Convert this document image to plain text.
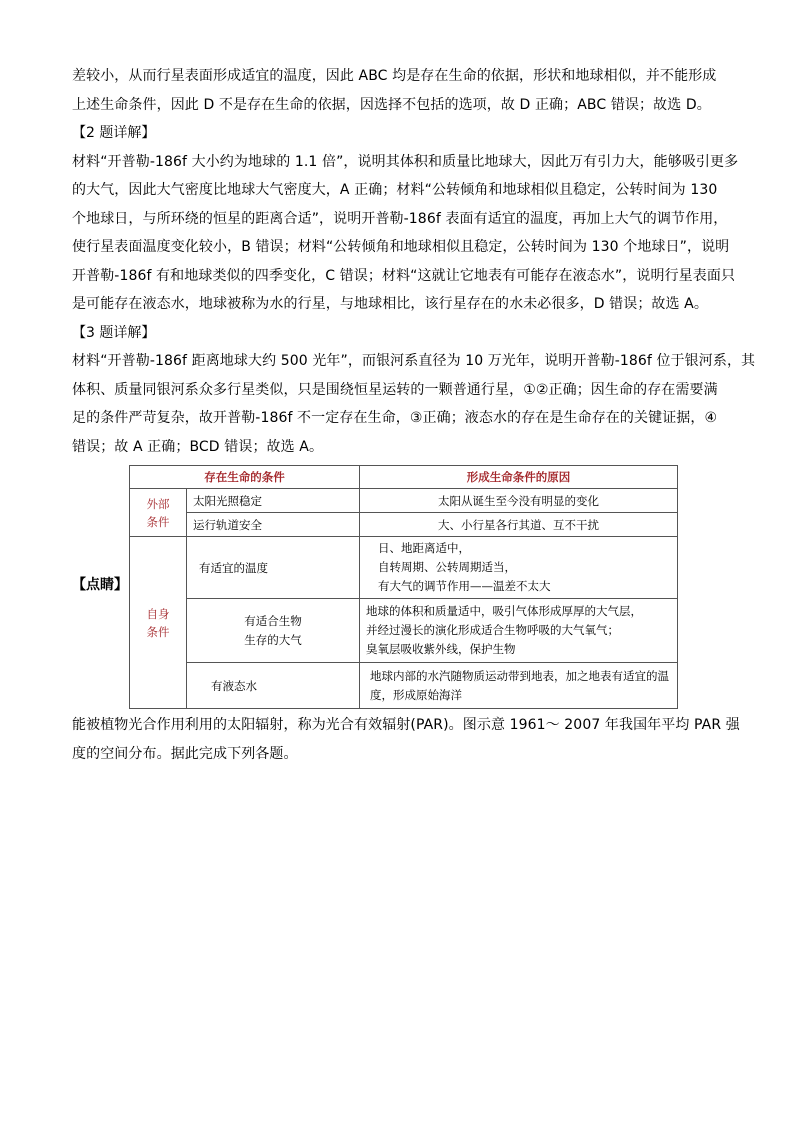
差较小，从而行星表面形成适宜的温度，因此 ABC 均是存在生命的依据，形状和地球相似，并不能形成
上述生命条件，因此 D 不是存在生命的依据，因选择不包括的选项，故 D 正确；ABC 错误；故选 D。
【2 题详解】
材料“开普勒-186f 大小约为地球的 1.1 倍”，说明其体积和质量比地球大，因此万有引力大，能够吸引更多
的大气，因此大气密度比地球大气密度大，A 正确；材料“公转倾角和地球相似且稳定，公转时间为 130
个地球日，与所环绕的恒星的距离合适”，说明开普勒-186f 表面有适宜的温度，再加上大气的调节作用，
使行星表面温度变化较小，B 错误；材料“公转倾角和地球相似且稳定，公转时间为 130 个地球日”，说明
开普勒-186f 有和地球类似的四季变化，C 错误；材料“这就让它地表有可能存在液态水”，说明行星表面只
是可能存在液态水，地球被称为水的行星，与地球相比，该行星存在的水未必很多，D 错误；故选 A。
【3 题详解】
材料“开普勒-186f 距离地球大约 500 光年”，而银河系直径为 10 万光年，说明开普勒-186f 位于银河系，其
体积、质量同银河系众多行星类似，只是围绕恒星运转的一颗普通行星，①②正确；因生命的存在需要满
足的条件严苛复杂，故开普勒-186f 不一定存在生命，③正确；液态水的存在是生命存在的关键证据，④
错误；故 A 正确；BCD 错误；故选 A。
【点睛】
存在生命的条件		形成生命条件的原因
外部
条件	太阳光照稳定	太阳从诞生至今没有明显的变化
	运行轨道安全	大、小行星各行其道、互不干扰
自身
条件	有适宜的温度	日、地距离适中，
自转周期、公转周期适当，
有大气的调节作用——温差不太大
	有适合生物
生存的大气	地球的体积和质量适中，吸引气体形成厚厚的大气层，
并经过漫长的演化形成适合生物呼吸的大气氧气；
臭氧层吸收紫外线，保护生物
	有液态水	地球内部的水汽随物质运动带到地表，加之地表有适宜的温
度，形成原始海洋
能被植物光合作用利用的太阳辐射，称为光合有效辐射(PAR)。图示意 1961～ 2007 年我国年平均 PAR 强
度的空间分布。据此完成下列各题。
